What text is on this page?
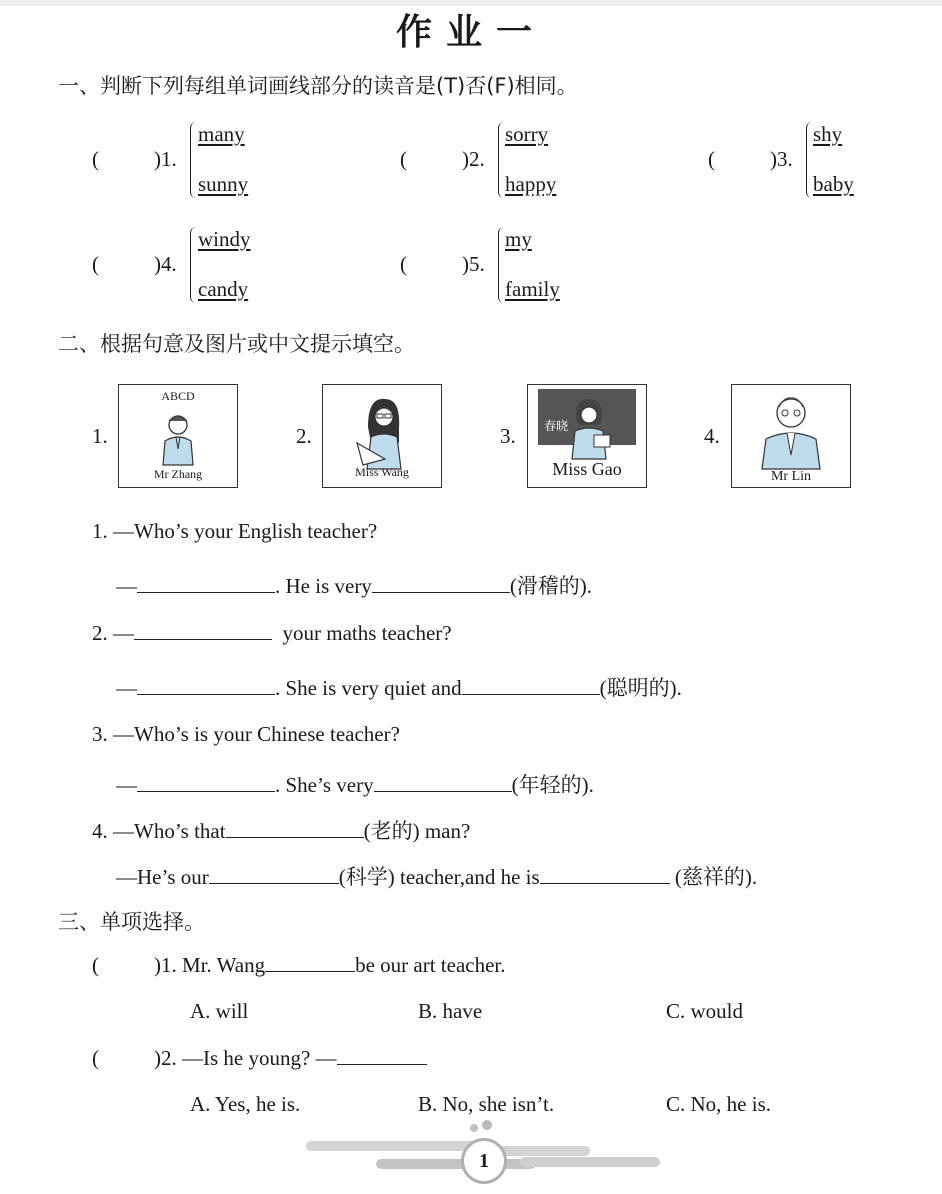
作业一
一、判断下列每组单词画线部分的读音是(T)否(F)相同。
(	)1.
many
sunny
(	)2.
sorry
happy
(	)3.
shy
baby
(	)4.
windy
candy
(	)5.
my
family
二、根据句意及图片或中文提示填空。
1.
ABCD
Mr Zhang
2.
Miss Wang
3. 春晓
Miss Gao
4.
Mr Lin
1. —Who’s your English teacher?
—	. He is very	(滑稽的).
2. —	your maths teacher?
—	. She is very quiet and	(聪明的).
3. —Who’s is your Chinese teacher?
—	. She’s very	(年轻的).
4. —Who’s that	(老的) man?
—He’s our	(科学) teacher,and he is	(慈祥的).
三、单项选择。
(	)1. Mr. Wang	be our art teacher.
A. will	B. have	C. would
(	)2. —Is he young? —
A. Yes, he is.	B. No, she isn’t.	C. No, he is.
1
